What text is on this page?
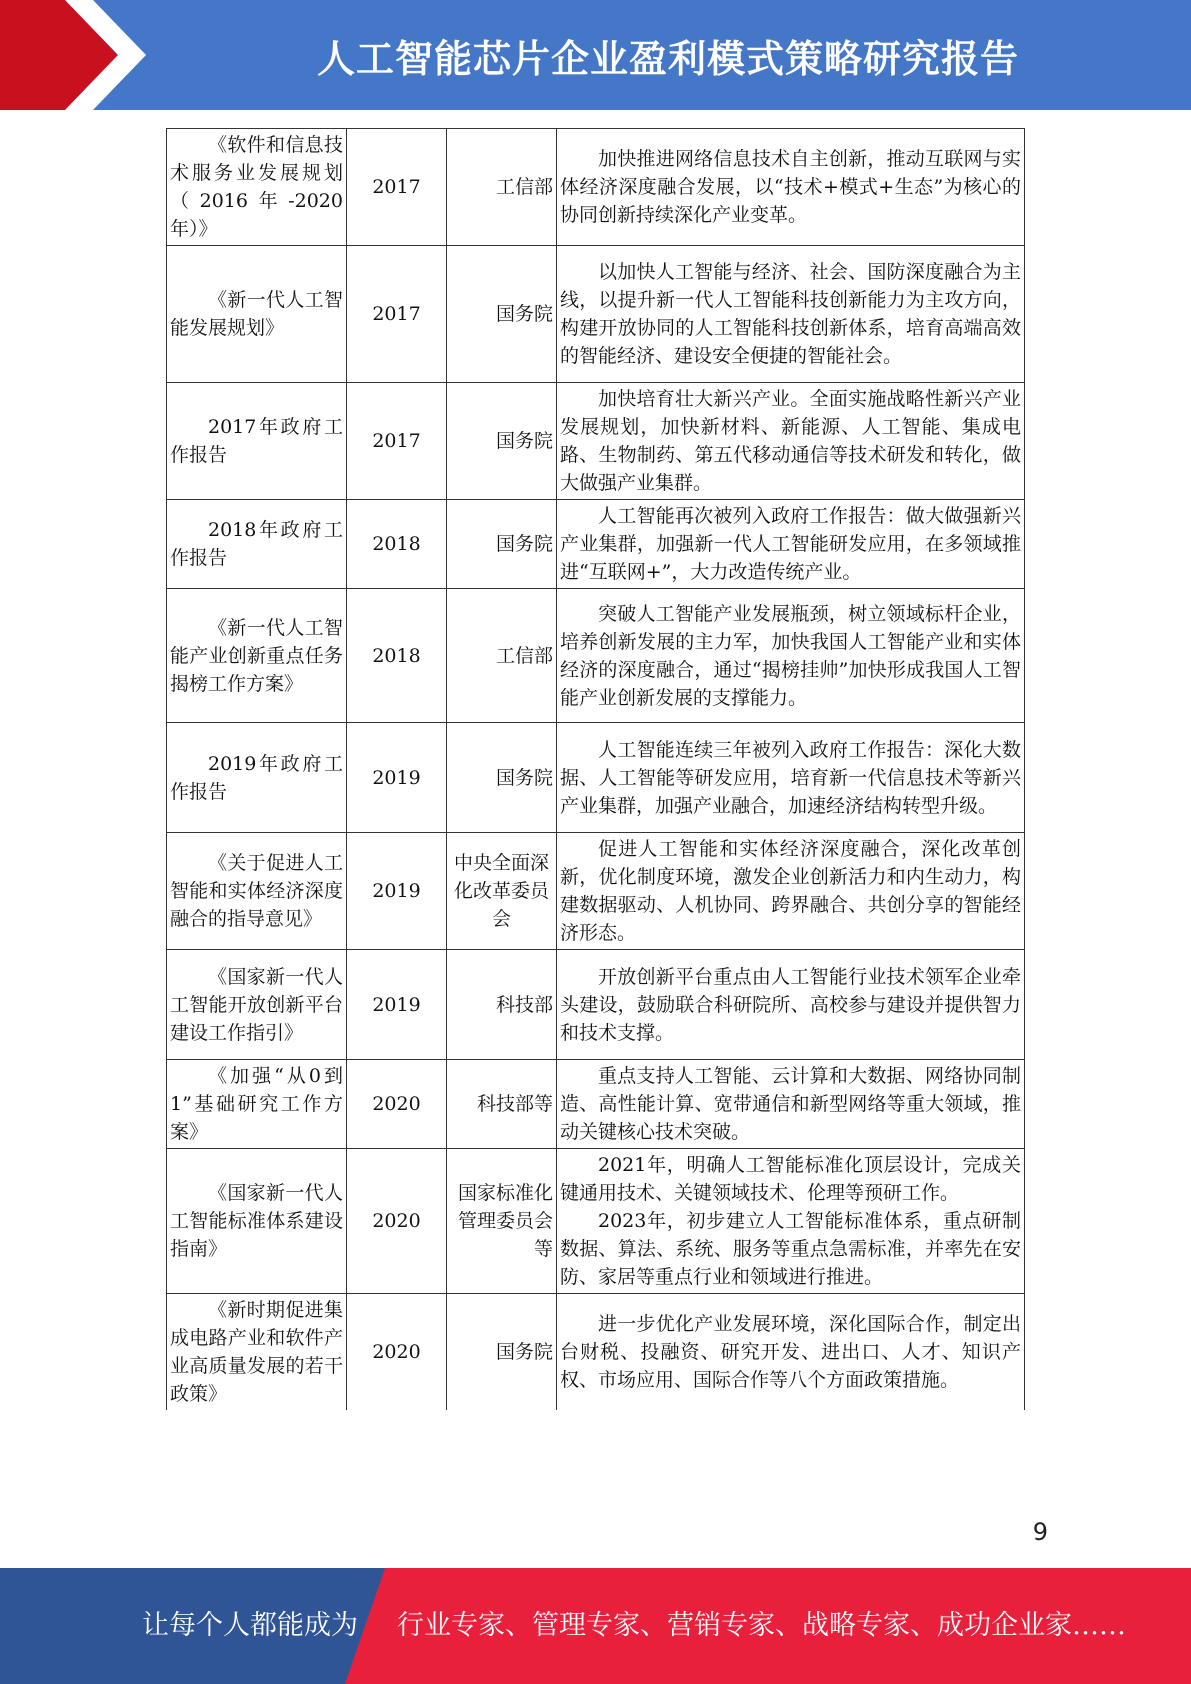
人工智能芯片企业盈利模式策略研究报告
《软件和信息技术服务业发展规划（2016年-2020年）》	2017	工信部	加快推进网络信息技术自主创新，推动互联网与实体经济深度融合发展，以“技术+模式+生态”为核心的协同创新持续深化产业变革。

《新一代人工智能发展规划》	2017	国务院	以加快人工智能与经济、社会、国防深度融合为主线，以提升新一代人工智能科技创新能力为主攻方向，构建开放协同的人工智能科技创新体系，培育高端高效的智能经济、建设安全便捷的智能社会。

2017年政府工作报告	2017	国务院	加快培育壮大新兴产业。全面实施战略性新兴产业发展规划，加快新材料、新能源、人工智能、集成电路、生物制药、第五代移动通信等技术研发和转化，做大做强产业集群。

2018年政府工作报告	2018	国务院	人工智能再次被列入政府工作报告：做大做强新兴产业集群，加强新一代人工智能研发应用，在多领域推进“互联网+”，大力改造传统产业。

《新一代人工智能产业创新重点任务揭榜工作方案》	2018	工信部	突破人工智能产业发展瓶颈，树立领域标杆企业，培养创新发展的主力军，加快我国人工智能产业和实体经济的深度融合，通过“揭榜挂帅”加快形成我国人工智能产业创新发展的支撑能力。

2019年政府工作报告	2019	国务院	人工智能连续三年被列入政府工作报告：深化大数据、人工智能等研发应用，培育新一代信息技术等新兴产业集群，加强产业融合，加速经济结构转型升级。

《关于促进人工智能和实体经济深度融合的指导意见》	2019	中央全面深化改革委员会	促进人工智能和实体经济深度融合，深化改革创新，优化制度环境，激发企业创新活力和内生动力，构建数据驱动、人机协同、跨界融合、共创分享的智能经济形态。

《国家新一代人工智能开放创新平台建设工作指引》	2019	科技部	开放创新平台重点由人工智能行业技术领军企业牵头建设，鼓励联合科研院所、高校参与建设并提供智力和技术支撑。

《加强“从0到1”基础研究工作方案》	2020	科技部等	重点支持人工智能、云计算和大数据、网络协同制造、高性能计算、宽带通信和新型网络等重大领域，推动关键核心技术突破。

《国家新一代人工智能标准体系建设指南》	2020	国家标准化管理委员会等	2021年，明确人工智能标准化顶层设计，完成关键通用技术、关键领域技术、伦理等预研工作。

2023年，初步建立人工智能标准体系，重点研制数据、算法、系统、服务等重点急需标准，并率先在安防、家居等重点行业和领域进行推进。

《新时期促进集成电路产业和软件产业高质量发展的若干政策》	2020	国务院	进一步优化产业发展环境，深化国际合作，制定出台财税、投融资、研究开发、进出口、人才、知识产权、市场应用、国际合作等八个方面政策措施。

9
让每个人都能成为 行业专家、管理专家、营销专家、战略专家、成功企业家……
